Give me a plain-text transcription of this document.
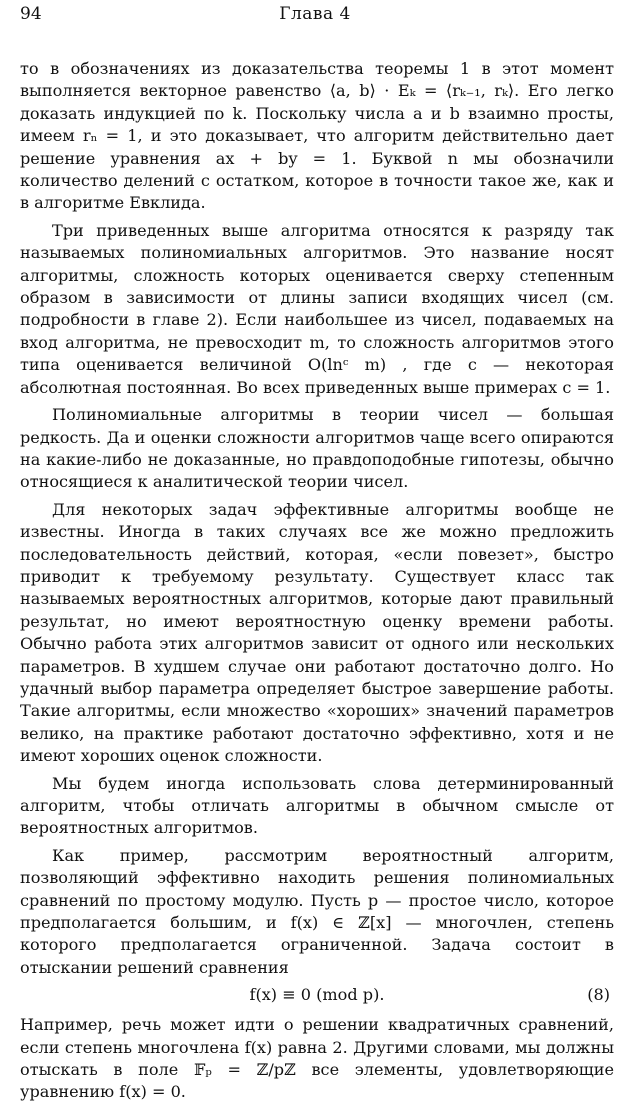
94	Глава 4

то в обозначениях из доказательства теоремы 1 в этот момент выполняется векторное равенство ⟨a, b⟩ · Eₖ = ⟨rₖ₋₁, rₖ⟩. Его легко доказать индукцией по k. Поскольку числа a и b взаимно просты, имеем rₙ = 1, и это доказывает, что алгоритм действительно дает решение уравнения ax + by = 1. Буквой n мы обозначили количество делений с остатком, которое в точности такое же, как и в алгоритме Евклида.

Три приведенных выше алгоритма относятся к разряду так называемых полиномиальных алгоритмов. Это название носят алгоритмы, сложность которых оценивается сверху степенным образом в зависимости от длины записи входящих чисел (см. подробности в главе 2). Если наибольшее из чисел, подаваемых на вход алгоритма, не превосходит m, то сложность алгоритмов этого типа оценивается величиной O(lnᶜ m) , где c — некоторая абсолютная постоянная. Во всех приведенных выше примерах c = 1.

Полиномиальные алгоритмы в теории чисел — большая редкость. Да и оценки сложности алгоритмов чаще всего опираются на какие-либо не доказанные, но правдоподобные гипотезы, обычно относящиеся к аналитической теории чисел.

Для некоторых задач эффективные алгоритмы вообще не известны. Иногда в таких случаях все же можно предложить последовательность действий, которая, «если повезет», быстро приводит к требуемому результату. Существует класс так называемых вероятностных алгоритмов, которые дают правильный результат, но имеют вероятностную оценку времени работы. Обычно работа этих алгоритмов зависит от одного или нескольких параметров. В худшем случае они работают достаточно долго. Но удачный выбор параметра определяет быстрое завершение работы. Такие алгоритмы, если множество «хороших» значений параметров велико, на практике работают достаточно эффективно, хотя и не имеют хороших оценок сложности.

Мы будем иногда использовать слова детерминированный алгоритм, чтобы отличать алгоритмы в обычном смысле от вероятностных алгоритмов.

Как пример, рассмотрим вероятностный алгоритм, позволяющий эффективно находить решения полиномиальных сравнений по простому модулю. Пусть p — простое число, которое предполагается большим, и f(x) ∈ ℤ[x] — многочлен, степень которого предполагается ограниченной. Задача состоит в отыскании решений сравнения

f(x) ≡ 0 (mod p).	(8)

Например, речь может идти о решении квадратичных сравнений, если степень многочлена f(x) равна 2. Другими словами, мы должны отыскать в поле 𝔽ₚ = ℤ/pℤ все элементы, удовлетворяющие уравнению f(x) = 0.
